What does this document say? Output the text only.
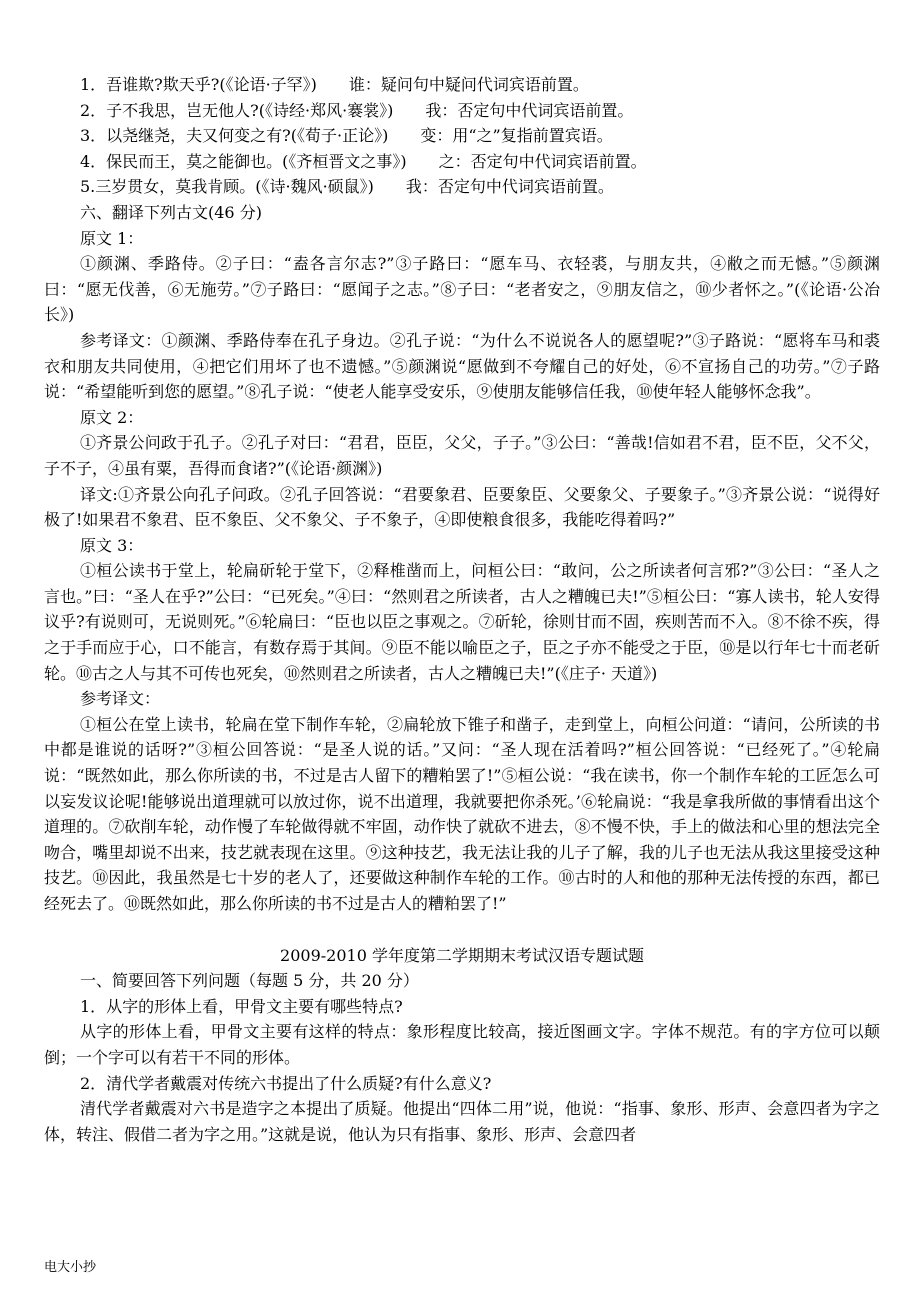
1．吾谁欺?欺天乎?(《论语·子罕》)　　谁：疑问句中疑问代词宾语前置。

2．子不我思，岂无他人?(《诗经·郑风·褰裳》)　　我：否定句中代词宾语前置。

3．以尧继尧，夫又何变之有?(《荀子·正论》)　　变：用“之”复指前置宾语。

4．保民而王，莫之能御也。(《齐桓晋文之事》)　　之：否定句中代词宾语前置。

5.三岁贯女，莫我肯顾。(《诗·魏风·硕鼠》)　　我：否定句中代词宾语前置。

六、翻译下列古文(46 分)

原文 1：

①颜渊、季路侍。②子曰：“盍各言尔志?”③子路曰：“愿车马、衣轻裘，与朋友共，④敝之而无憾。”⑤颜渊曰：“愿无伐善，⑥无施劳。”⑦子路曰：“愿闻子之志。”⑧子曰：“老者安之，⑨朋友信之，⑩少者怀之。”(《论语·公冶长》)

参考译文：①颜渊、季路侍奉在孔子身边。②孔子说：“为什么不说说各人的愿望呢?”③子路说：“愿将车马和裘衣和朋友共同使用，④把它们用坏了也不遗憾。”⑤颜渊说“愿做到不夸耀自己的好处，⑥不宣扬自己的功劳。”⑦子路说：“希望能听到您的愿望。”⑧孔子说：“使老人能享受安乐，⑨使朋友能够信任我，⑩使年轻人能够怀念我”。

原文 2：

①齐景公问政于孔子。②孔子对曰：“君君，臣臣，父父，子子。”③公曰：“善哉!信如君不君，臣不臣，父不父，子不子，④虽有粟，吾得而食诸?”(《论语·颜渊》)

译文:①齐景公向孔子问政。②孔子回答说：“君要象君、臣要象臣、父要象父、子要象子。”③齐景公说：“说得好极了!如果君不象君、臣不象臣、父不象父、子不象子，④即使粮食很多，我能吃得着吗?”

原文 3：

①桓公读书于堂上，轮扁斫轮于堂下，②释椎凿而上，问桓公曰：“敢问，公之所读者何言邪?”③公曰：“圣人之言也。”曰：“圣人在乎?”公曰：“已死矣。”④曰：“然则君之所读者，古人之糟魄已夫!”⑤桓公曰：“寡人读书，轮人安得议乎?有说则可，无说则死。”⑥轮扁曰：“臣也以臣之事观之。⑦斫轮，徐则甘而不固，疾则苦而不入。⑧不徐不疾，得之于手而应于心，口不能言，有数存焉于其间。⑨臣不能以喻臣之子，臣之子亦不能受之于臣，⑩是以行年七十而老斫轮。⑩古之人与其不可传也死矣，⑩然则君之所读者，古人之糟魄已夫!”(《庄子· 天道》)

参考译文：

①桓公在堂上读书，轮扁在堂下制作车轮，②扁轮放下锥子和凿子，走到堂上，向桓公问道：“请问，公所读的书中都是谁说的话呀?”③桓公回答说：“是圣人说的话。”又问：“圣人现在活着吗?”桓公回答说：“已经死了。”④轮扁说：“既然如此，那么你所读的书，不过是古人留下的糟粕罢了!”⑤桓公说：“我在读书，你一个制作车轮的工匠怎么可以妄发议论呢!能够说出道理就可以放过你，说不出道理，我就要把你杀死。’⑥轮扁说：“我是拿我所做的事情看出这个道理的。⑦砍削车轮，动作慢了车轮做得就不牢固，动作快了就砍不进去，⑧不慢不快，手上的做法和心里的想法完全吻合，嘴里却说不出来，技艺就表现在这里。⑨这种技艺，我无法让我的儿子了解，我的儿子也无法从我这里接受这种技艺。⑩因此，我虽然是七十岁的老人了，还要做这种制作车轮的工作。⑩古时的人和他的那种无法传授的东西，都已经死去了。⑩既然如此，那么你所读的书不过是古人的糟粕罢了!”

2009-2010 学年度第二学期期末考试汉语专题试题

一、简要回答下列问题（每题 5 分，共 20 分）

1．从字的形体上看，甲骨文主要有哪些特点?

从字的形体上看，甲骨文主要有这样的特点：象形程度比较高，接近图画文字。字体不规范。有的字方位可以颠倒；一个字可以有若干不同的形体。

2．清代学者戴震对传统六书提出了什么质疑?有什么意义?

清代学者戴震对六书是造字之本提出了质疑。他提出“四体二用”说，他说：“指事、象形、形声、会意四者为字之体，转注、假借二者为字之用。”这就是说，他认为只有指事、象形、形声、会意四者

电大小抄
